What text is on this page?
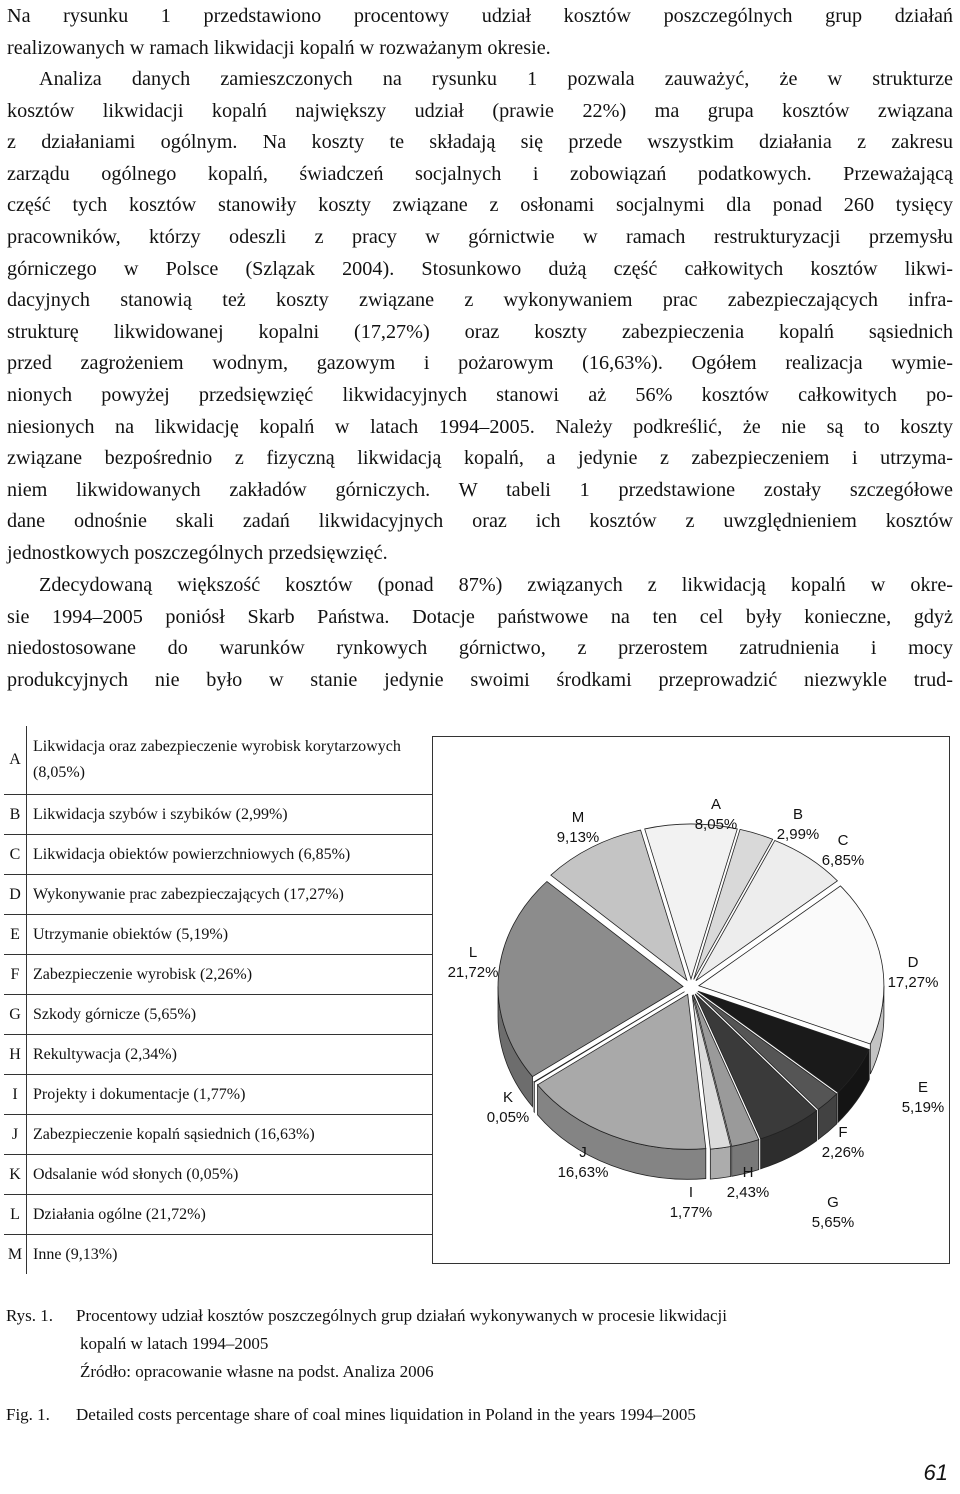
Na rysunku 1 przedstawiono procentowy udział kosztów poszczególnych grup działań
realizowanych w ramach likwidacji kopalń w rozważanym okresie.
Analiza danych zamieszczonych na rysunku 1 pozwala zauważyć, że w strukturze
kosztów likwidacji kopalń największy udział (prawie 22%) ma grupa kosztów związana
z działaniami ogólnym. Na koszty te składają się przede wszystkim działania z zakresu
zarządu ogólnego kopalń, świadczeń socjalnych i zobowiązań podatkowych. Przeważającą
część tych kosztów stanowiły koszty związane z osłonami socjalnymi dla ponad 260 tysięcy
pracowników, którzy odeszli z pracy w górnictwie w ramach restrukturyzacji przemysłu
górniczego w Polsce (Szlązak 2004). Stosunkowo dużą część całkowitych kosztów likwi-
dacyjnych stanowią też koszty związane z wykonywaniem prac zabezpieczających infra-
strukturę likwidowanej kopalni (17,27%) oraz koszty zabezpieczenia kopalń sąsiednich
przed zagrożeniem wodnym, gazowym i pożarowym (16,63%). Ogółem realizacja wymie-
nionych powyżej przedsięwzięć likwidacyjnych stanowi aż 56% kosztów całkowitych po-
niesionych na likwidację kopalń w latach 1994–2005. Należy podkreślić, że nie są to koszty
związane bezpośrednio z fizyczną likwidacją kopalń, a jedynie z zabezpieczeniem i utrzyma-
niem likwidowanych zakładów górniczych. W tabeli 1 przedstawione zostały szczegółowe
dane odnośnie skali zadań likwidacyjnych oraz ich kosztów z uwzględnieniem kosztów
jednostkowych poszczególnych przedsięwzięć.
Zdecydowaną większość kosztów (ponad 87%) związanych z likwidacją kopalń w okre-
sie 1994–2005 poniósł Skarb Państwa. Dotacje państwowe na ten cel były konieczne, gdyż
niedostosowane do warunków rynkowych górnictwo, z przerostem zatrudnienia i mocy
produkcyjnych nie było w stanie jedynie swoimi środkami przeprowadzić niezwykle trud-
A	Likwidacja oraz zabezpieczenie wyrobisk korytarzowych (8,05%)
B	Likwidacja szybów i szybików (2,99%)
C	Likwidacja obiektów powierzchniowych (6,85%)
D	Wykonywanie prac zabezpieczających (17,27%)
E	Utrzymanie obiektów (5,19%)
F	Zabezpieczenie wyrobisk (2,26%)
G	Szkody górnicze (5,65%)
H	Rekultywacja (2,34%)
I	Projekty i dokumentacje (1,77%)
J	Zabezpieczenie kopalń sąsiednich (16,63%)
K	Odsalanie wód słonych (0,05%)
L	Działania ogólne (21,72%)
M	Inne (9,13%)
A
8,05%
B
2,99% C
6,85%
D
17,27%
E
5,19%
F
2,26%
G
5,65%
H
2,43%
I
1,77%
J
16,63%
K
0,05%
L
21,72%
M
9,13%
Rys. 1. Procentowy udział kosztów poszczególnych grup działań wykonywanych w procesie likwidacji
kopalń w latach 1994–2005
Źródło: opracowanie własne na podst. Analiza 2006
Fig. 1. Detailed costs percentage share of coal mines liquidation in Poland in the years 1994–2005
61
